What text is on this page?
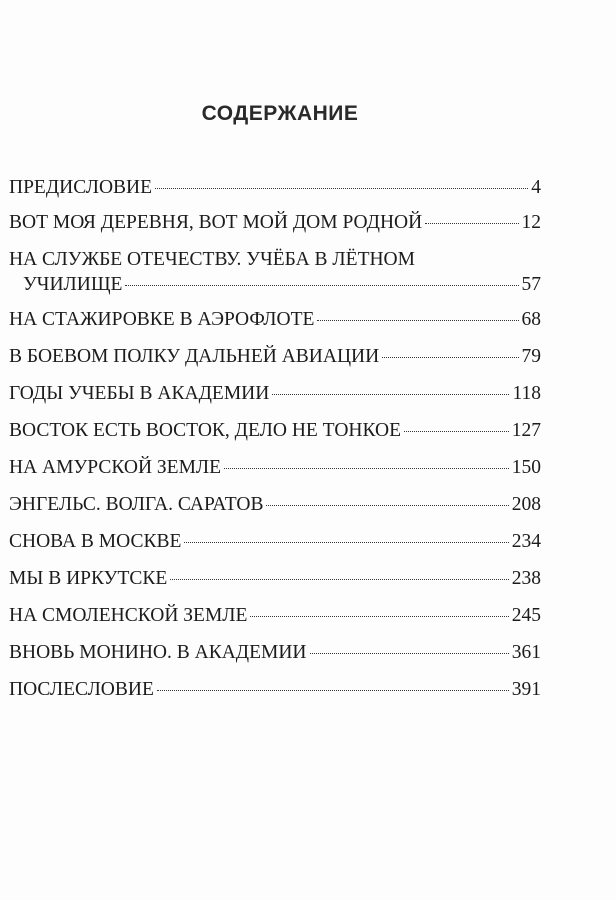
СОДЕРЖАНИЕ
ПРЕДИСЛОВИЕ	4
ВОТ МОЯ ДЕРЕВНЯ, ВОТ МОЙ ДОМ РОДНОЙ	12
НА СЛУЖБЕ ОТЕЧЕСТВУ. УЧЁБА В ЛЁТНОМ
УЧИЛИЩЕ	57
НА СТАЖИРОВКЕ В АЭРОФЛОТЕ	68
В БОЕВОМ ПОЛКУ ДАЛЬНЕЙ АВИАЦИИ	79
ГОДЫ УЧЕБЫ В АКАДЕМИИ	118
ВОСТОК ЕСТЬ ВОСТОК, ДЕЛО НЕ ТОНКОЕ	127
НА АМУРСКОЙ ЗЕМЛЕ	150
ЭНГЕЛЬС. ВОЛГА. САРАТОВ	208
СНОВА В МОСКВЕ	234
МЫ В ИРКУТСКЕ	238
НА СМОЛЕНСКОЙ ЗЕМЛЕ	245
ВНОВЬ МОНИНО. В АКАДЕМИИ	361
ПОСЛЕСЛОВИЕ	391
